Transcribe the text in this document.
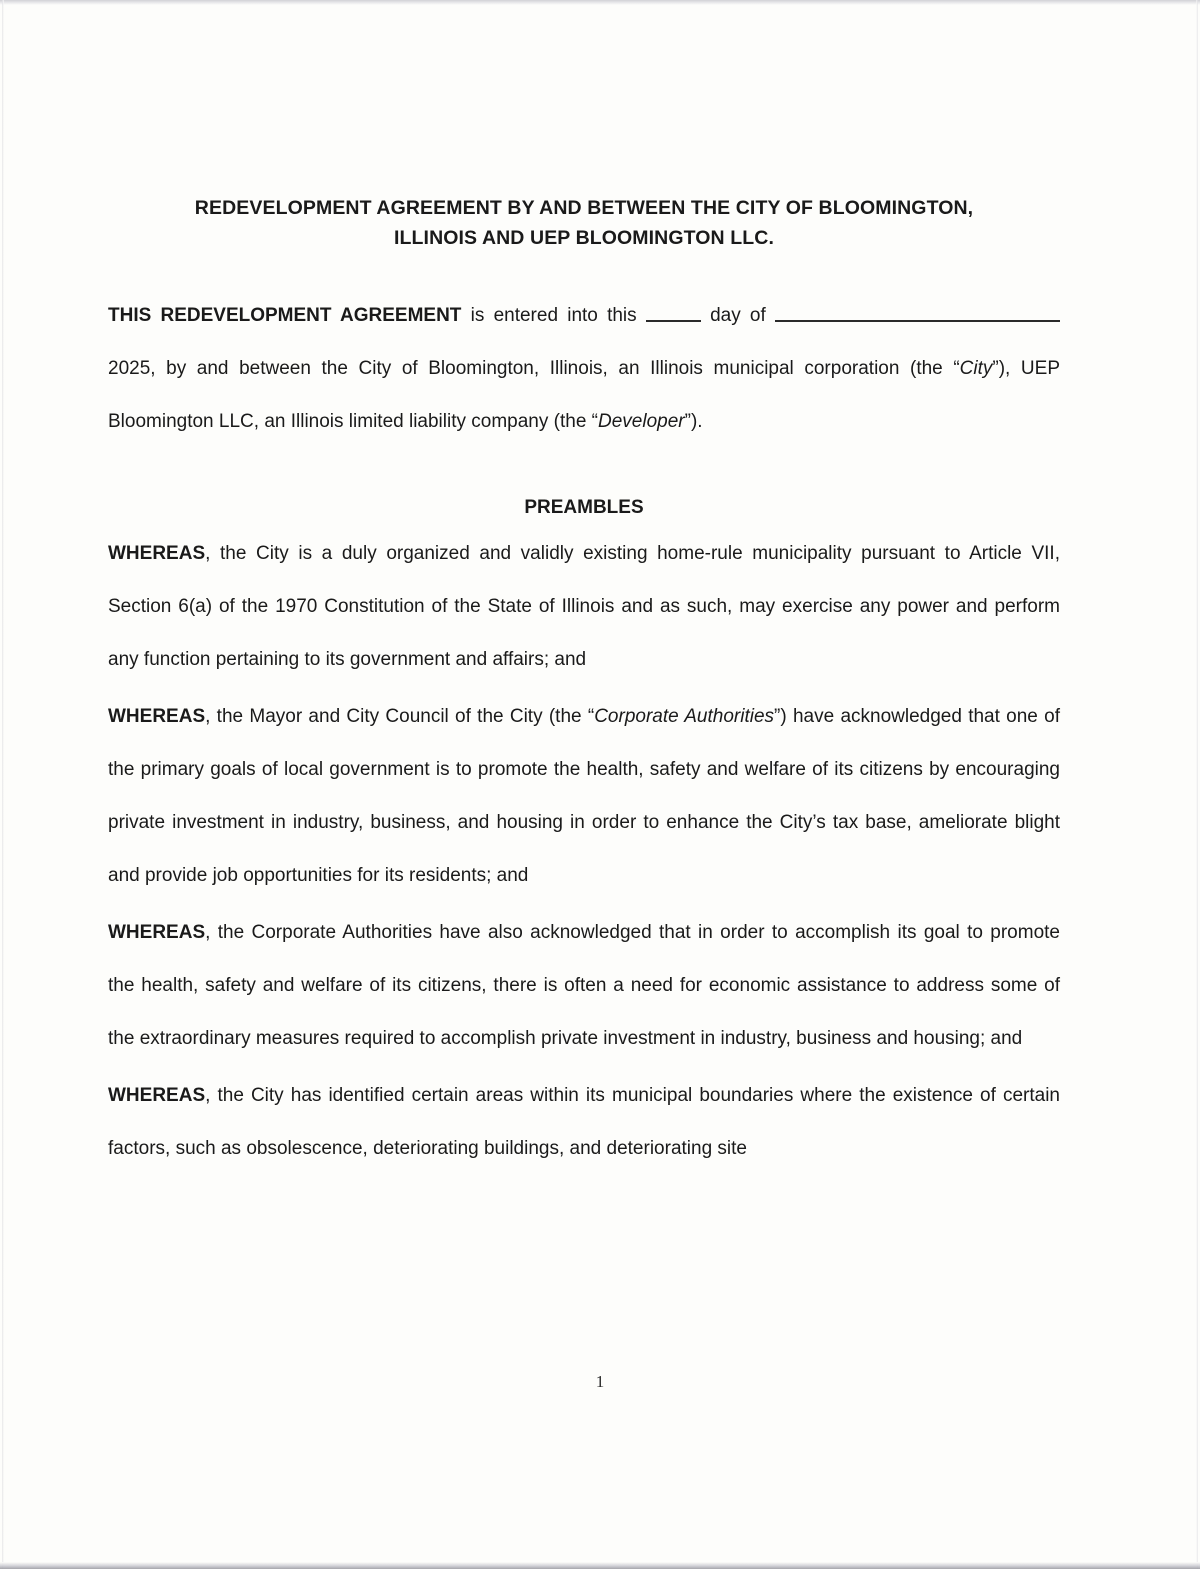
REDEVELOPMENT AGREEMENT BY AND BETWEEN THE CITY OF BLOOMINGTON,
ILLINOIS AND UEP BLOOMINGTON LLC.

THIS REDEVELOPMENT AGREEMENT is entered into this	day of  2025, by and between the City of Bloomington, Illinois, an Illinois municipal corporation (the “City”), UEP Bloomington LLC, an Illinois limited liability company (the “Developer”).

PREAMBLES

WHEREAS, the City is a duly organized and validly existing home-rule municipality pursuant to Article VII, Section 6(a) of the 1970 Constitution of the State of Illinois and as such, may exercise any power and perform any function pertaining to its government and affairs; and

WHEREAS, the Mayor and City Council of the City (the “Corporate Authorities”) have acknowledged that one of the primary goals of local government is to promote the health, safety and welfare of its citizens by encouraging private investment in industry, business, and housing in order to enhance the City’s tax base, ameliorate blight and provide job opportunities for its residents; and

WHEREAS, the Corporate Authorities have also acknowledged that in order to accomplish its goal to promote the health, safety and welfare of its citizens, there is often a need for economic assistance to address some of the extraordinary measures required to accomplish private investment in industry, business and housing; and

WHEREAS, the City has identified certain areas within its municipal boundaries where the existence of certain factors, such as obsolescence, deteriorating buildings, and deteriorating site

1
